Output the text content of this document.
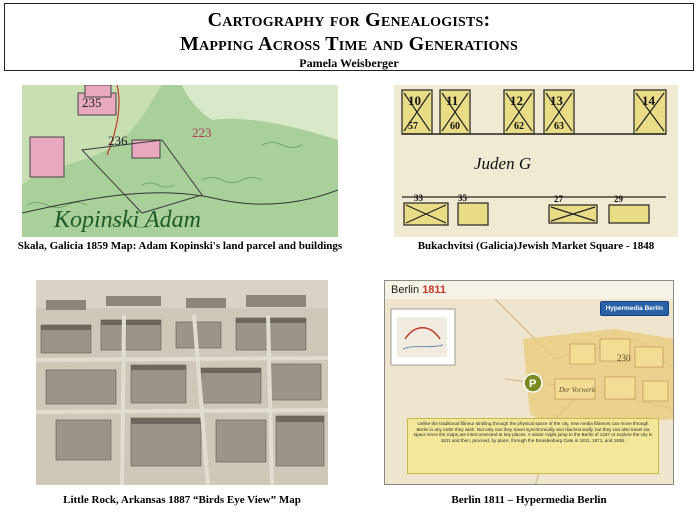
Cartography for Genealogists:
Mapping Across Time and Generations
Pamela Weisberger
235
236
223
Kopinski Adam
Skala, Galicia 1859 Map: Adam Kopinski's land parcel and buildings
10 11	12 13	14
57	60	62	63
Juden G
35
33	27	29
Bukachvitsi (Galicia)Jewish Market Square - 1848
Little Rock, Arkansas 1887 “Birds Eye View” Map
Berlin 1811
P
230
Der Vorwerk
Hypermedia Berlin
Unlike the traditional flâneur strolling through the physical space of the city, new media flâneurs can move through Berlin in any order they wish. Not only can they travel synchronically and diachronically, but they can also travel via space since the maps are interconnected at key places. A visitor might jump to the Berlin of 1237 or explore the city in 1811 and then, proceed, by place, through the Brandenburg Gate in 1811, 1871, and 1936.
Berlin 1811 – Hypermedia Berlin
